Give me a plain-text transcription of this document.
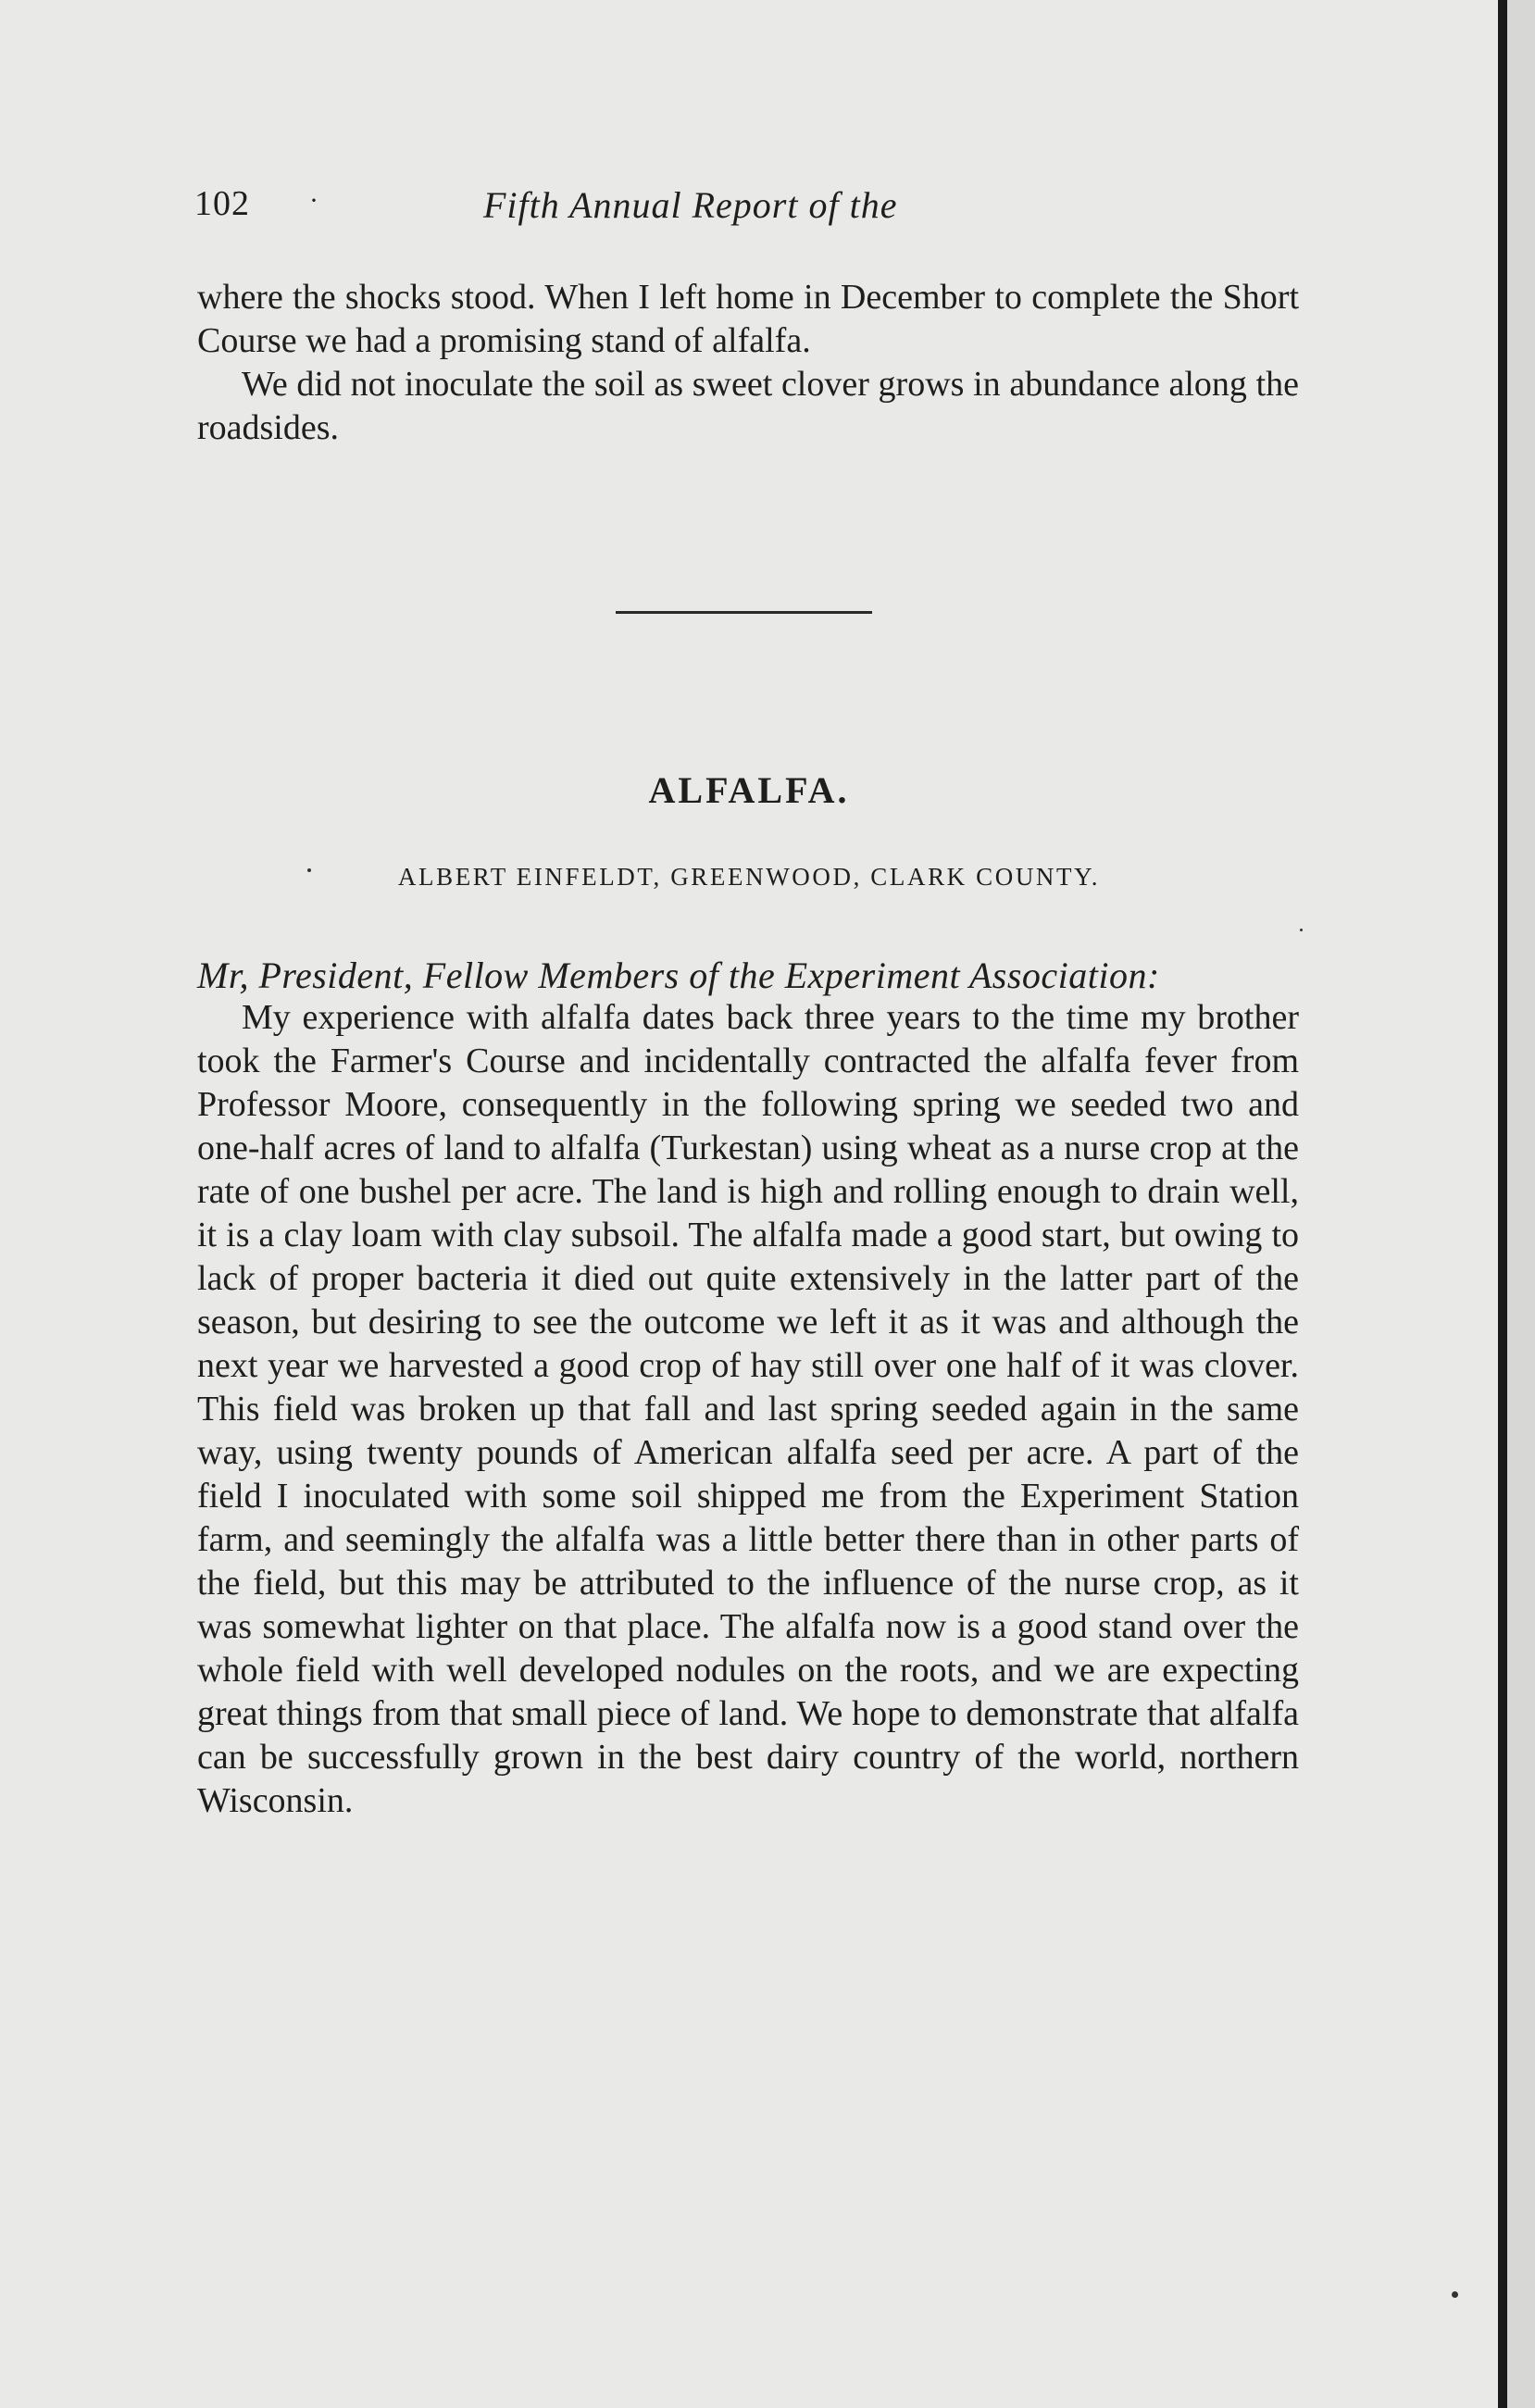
102 ·	Fifth Annual Report of the

where the shocks stood. When I left home in December to complete the Short Course we had a promising stand of alfalfa.

We did not inoculate the soil as sweet clover grows in abundance along the roadsides.

ALFALFA.

ALBERT EINFELDT, GREENWOOD, CLARK COUNTY.

Mr, President, Fellow Members of the Experiment Association:

My experience with alfalfa dates back three years to the time my brother took the Farmer's Course and incidentally contracted the alfalfa fever from Professor Moore, consequently in the following spring we seeded two and one-half acres of land to alfalfa (Turkestan) using wheat as a nurse crop at the rate of one bushel per acre. The land is high and rolling enough to drain well, it is a clay loam with clay subsoil. The alfalfa made a good start, but owing to lack of proper bacteria it died out quite extensively in the latter part of the season, but desiring to see the outcome we left it as it was and although the next year we harvested a good crop of hay still over one half of it was clover. This field was broken up that fall and last spring seeded again in the same way, using twenty pounds of American alfalfa seed per acre. A part of the field I inoculated with some soil shipped me from the Experiment Station farm, and seemingly the alfalfa was a little better there than in other parts of the field, but this may be attributed to the influence of the nurse crop, as it was somewhat lighter on that place. The alfalfa now is a good stand over the whole field with well developed nodules on the roots, and we are expecting great things from that small piece of land. We hope to demonstrate that alfalfa can be successfully grown in the best dairy country of the world, northern Wisconsin.
